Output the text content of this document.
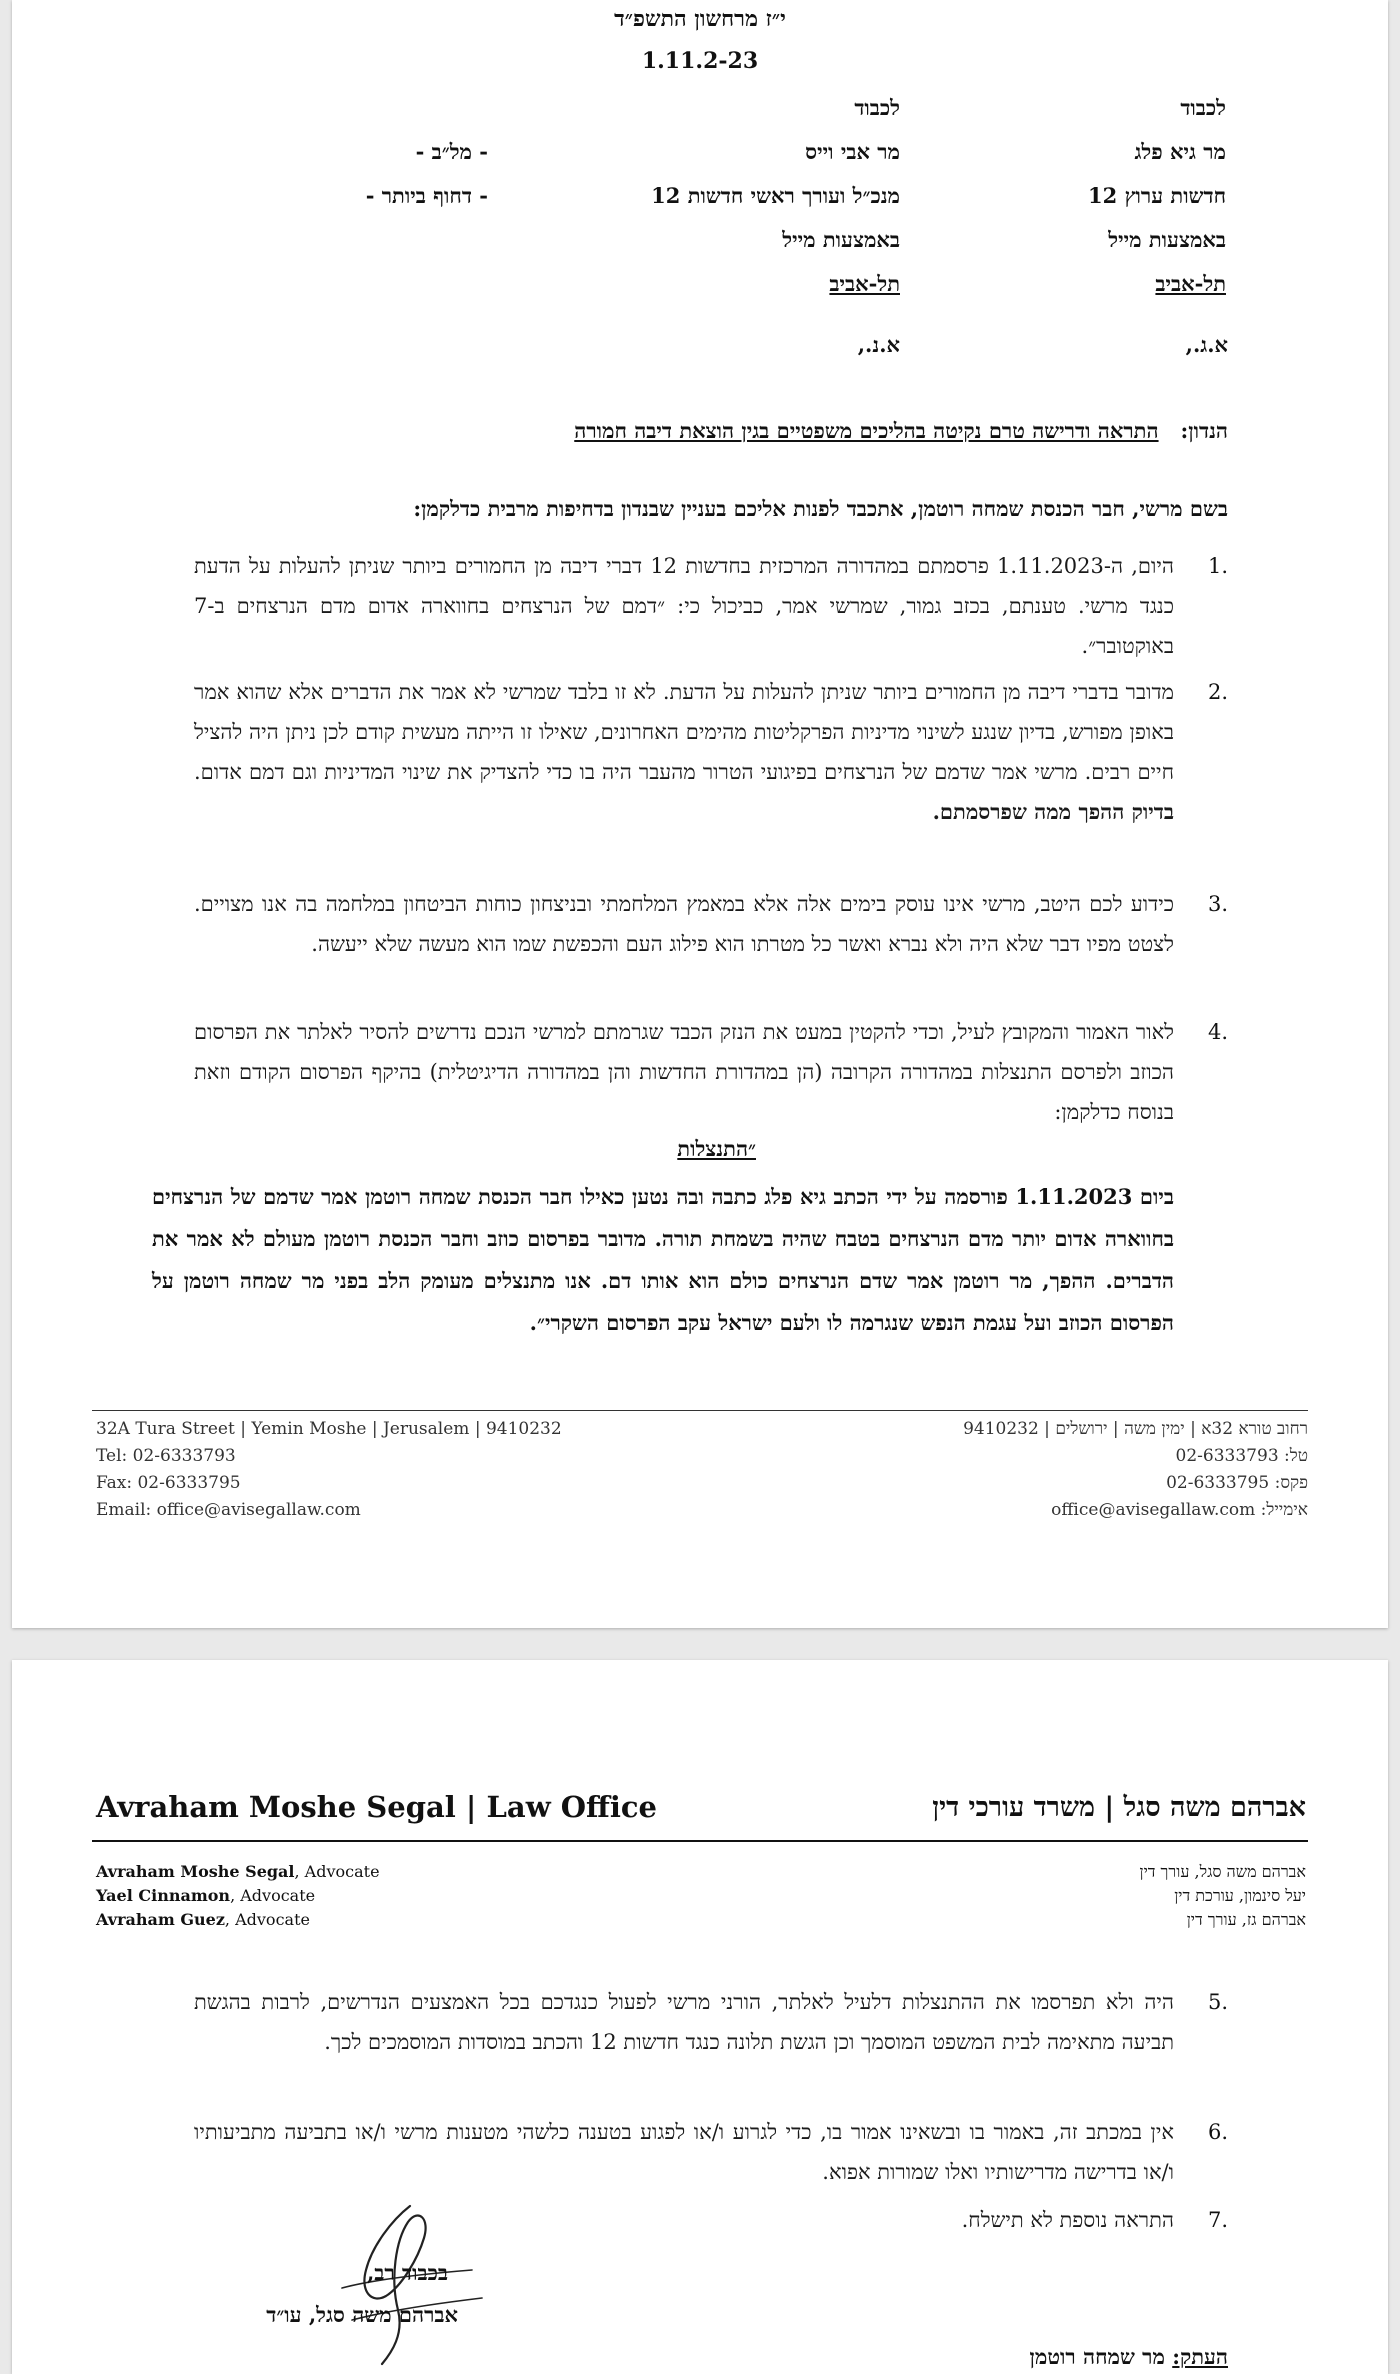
י״ז מרחשון התשפ״ד
1.11.2-23
לכבוד
מר גיא פלג
חדשות ערוץ 12
באמצעות מייל
תל-אביב
לכבוד
מר אבי וייס
מנכ״ל ועורך ראשי חדשות 12
באמצעות מייל
תל-אביב
- מל״ב -
- דחוף ביותר -
א.ג.,
א.נ.,
הנדון:   התראה ודרישה טרם נקיטה בהליכים משפטיים בגין הוצאת דיבה חמורה
בשם מרשי, חבר הכנסת שמחה רוטמן, אתכבד לפנות אליכם בעניין שבנדון בדחיפות מרבית כדלקמן:
.1
היום, ה-1.11.2023 פרסמתם במהדורה המרכזית בחדשות 12 דברי דיבה מן החמורים ביותר שניתן להעלות על הדעת כנגד מרשי. טענתם, בכזב גמור, שמרשי אמר, כביכול כי: ״דמם של הנרצחים בחווארה אדום מדם הנרצחים ב-7 באוקטובר״.
.2
מדובר בדברי דיבה מן החמורים ביותר שניתן להעלות על הדעת. לא זו בלבד שמרשי לא אמר את הדברים אלא שהוא אמר באופן מפורש, בדיון שנגע לשינוי מדיניות הפרקליטות מהימים האחרונים, שאילו זו הייתה מעשית קודם לכן ניתן היה להציל חיים רבים. מרשי אמר שדמם של הנרצחים בפיגועי הטרור מהעבר היה בו כדי להצדיק את שינוי המדיניות וגם דמם אדום. בדיוק ההפך ממה שפרסמתם.
.3
כידוע לכם היטב, מרשי אינו עוסק בימים אלה אלא במאמץ המלחמתי ובניצחון כוחות הביטחון במלחמה בה אנו מצויים. לצטט מפיו דבר שלא היה ולא נברא ואשר כל מטרתו הוא פילוג העם והכפשת שמו הוא מעשה שלא ייעשה.
.4
לאור האמור והמקובץ לעיל, וכדי להקטין במעט את הנזק הכבד שגרמתם למרשי הנכם נדרשים להסיר לאלתר את הפרסום הכוזב ולפרסם התנצלות במהדורה הקרובה (הן במהדורת החדשות והן במהדורה הדיגיטלית) בהיקף הפרסום הקודם וזאת בנוסח כדלקמן:
״התנצלות
ביום 1.11.2023 פורסמה על ידי הכתב גיא פלג כתבה ובה נטען כאילו חבר הכנסת שמחה רוטמן אמר שדמם של הנרצחים בחווארה אדום יותר מדם הנרצחים בטבח שהיה בשמחת תורה. מדובר בפרסום כוזב וחבר הכנסת רוטמן מעולם לא אמר את הדברים. ההפך, מר רוטמן אמר שדם הנרצחים כולם הוא אותו דם. אנו מתנצלים מעומק הלב בפני מר שמחה רוטמן על הפרסום הכוזב ועל עגמת הנפש שנגרמה לו ולעם ישראל עקב הפרסום השקרי״.
32A Tura Street | Yemin Moshe | Jerusalem | 9410232
Tel: 02-6333793
Fax: 02-6333795
Email: office@avisegallaw.com
רחוב טורא 32א | ימין משה | ירושלים | 9410232
טל: 02-6333793
פקס: 02-6333795
אימייל: office@avisegallaw.com
Avraham Moshe Segal | Law Office	אברהם משה סגל | משרד עורכי דין
Avraham Moshe Segal, Advocate
Yael Cinnamon, Advocate
Avraham Guez, Advocate
אברהם משה סגל, עורך דין
יעל סינמון, עורכת דין
אברהם גז, עורך דין
.5
היה ולא תפרסמו את ההתנצלות דלעיל לאלתר, הורני מרשי לפעול כנגדכם בכל האמצעים הנדרשים, לרבות בהגשת תביעה מתאימה לבית המשפט המוסמך וכן הגשת תלונה כנגד חדשות 12 והכתב במוסדות המוסמכים לכך.
.6
אין במכתב זה, באמור בו ובשאינו אמור בו, כדי לגרוע ו/או לפגוע בטענה כלשהי מטענות מרשי ו/או בתביעה מתביעותיו ו/או בדרישה מדרישותיו ואלו שמורות אפוא.
.7
התראה נוספת לא תישלח.
בכבוד רב,
אברהם משה סגל, עו״ד
העתק: מר שמחה רוטמן
